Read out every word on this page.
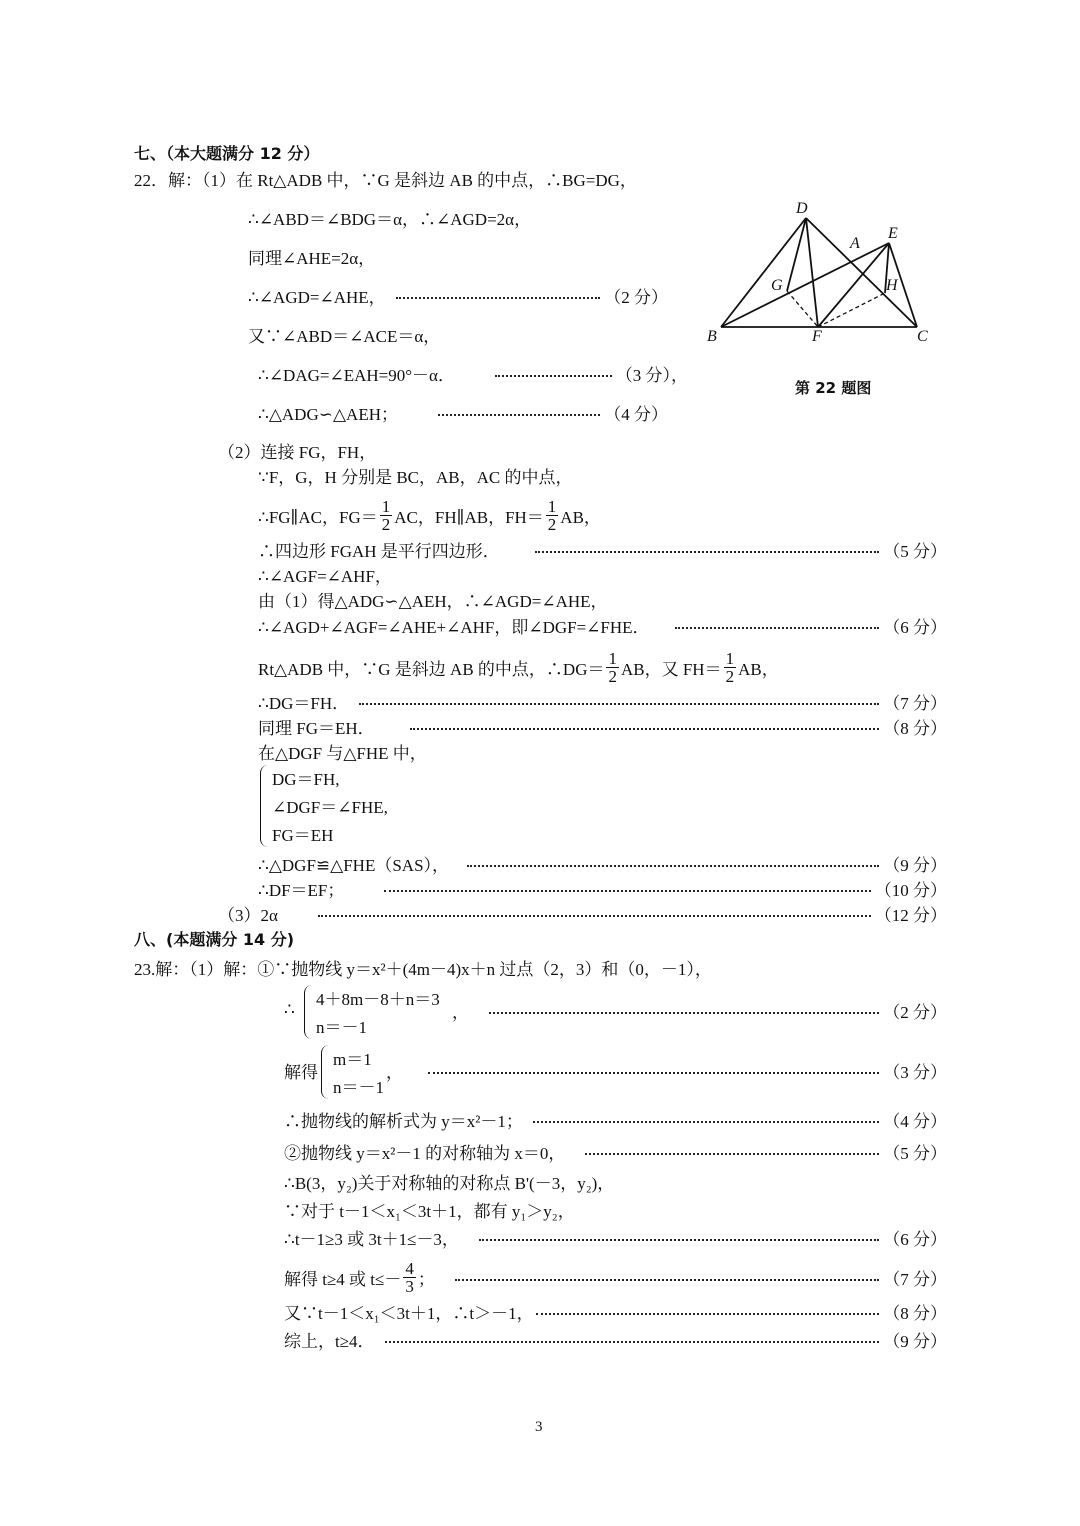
七、（本大题满分 12 分）
22．解：（1）在 Rt△ADB 中，∵G 是斜边 AB 的中点，∴BG=DG，
∴∠ABD＝∠BDG＝α，∴∠AGD=2α，
同理∠AHE=2α，
∴∠AGD=∠AHE，	（2 分）
又∵∠ABD＝∠ACE＝α，
∴∠DAG=∠EAH=90°－α．	（3 分），
∴△ADG∽△AEH；	（4 分）
D
A
E
G	H
B	F	C
第 22 题图
（2）连接 FG，FH，
∵F，G，H 分别是 BC，AB，AC 的中点，
∴FG∥AC，$FG= \frac{1}{2}$ AC，FH∥AB，$FH= \frac{1}{2}$ AB，
∴四边形 FGAH 是平行四边形．	（5 分）
∴∠AGF=∠AHF，
由（1）得△ADG∽△AEH，∴∠AGD=∠AHE，
∴∠AGD+∠AGF=∠AHE+∠AHF，即∠DGF=∠FHE．	（6 分）
Rt△ADB 中，∵G 是斜边 AB 的中点，∴DG＝ $\frac{1}{2}$ AB，又 $FH= \frac{1}{2}$ AB，
∴DG＝FH．	（7 分）
同理 FG＝EH．	（8 分）
在△DGF 与△FHE 中，
DG＝FH,
∠DGF＝∠FHE,
FG＝EH
∴△DGF≌△FHE（SAS），	（9 分）
∴DF＝EF；	（10 分）
（3）2α	（12 分）
八、(本题满分 14 分)
23.解：（1）解：①∵抛物线 y＝x²＋(4m－4)x＋n 过点（2，3）和（0，－1），
∴
4＋8m－8＋n＝3
n＝－1
，	（2 分）
解得
m＝1
n＝－1
，	（3 分）
∴抛物线的解析式为 y＝x²－1；	（4 分）
②抛物线 y＝x²－1 的对称轴为 x＝0，	（5 分）
∴B(3，y₂)关于对称轴的对称点 B'(－3，y₂)，
∵对于 t－1＜x₁＜3t＋1，都有 y₁＞y₂，
∴t－1≥3 或 3t＋1≤－3，	（6 分）
解得 t≥4 或 $t\le- \frac{4}{3}$ ；	（7 分）
又∵t－1＜x₁＜3t＋1，∴t＞－1，	（8 分）
综上，t≥4．	（9 分）
3
